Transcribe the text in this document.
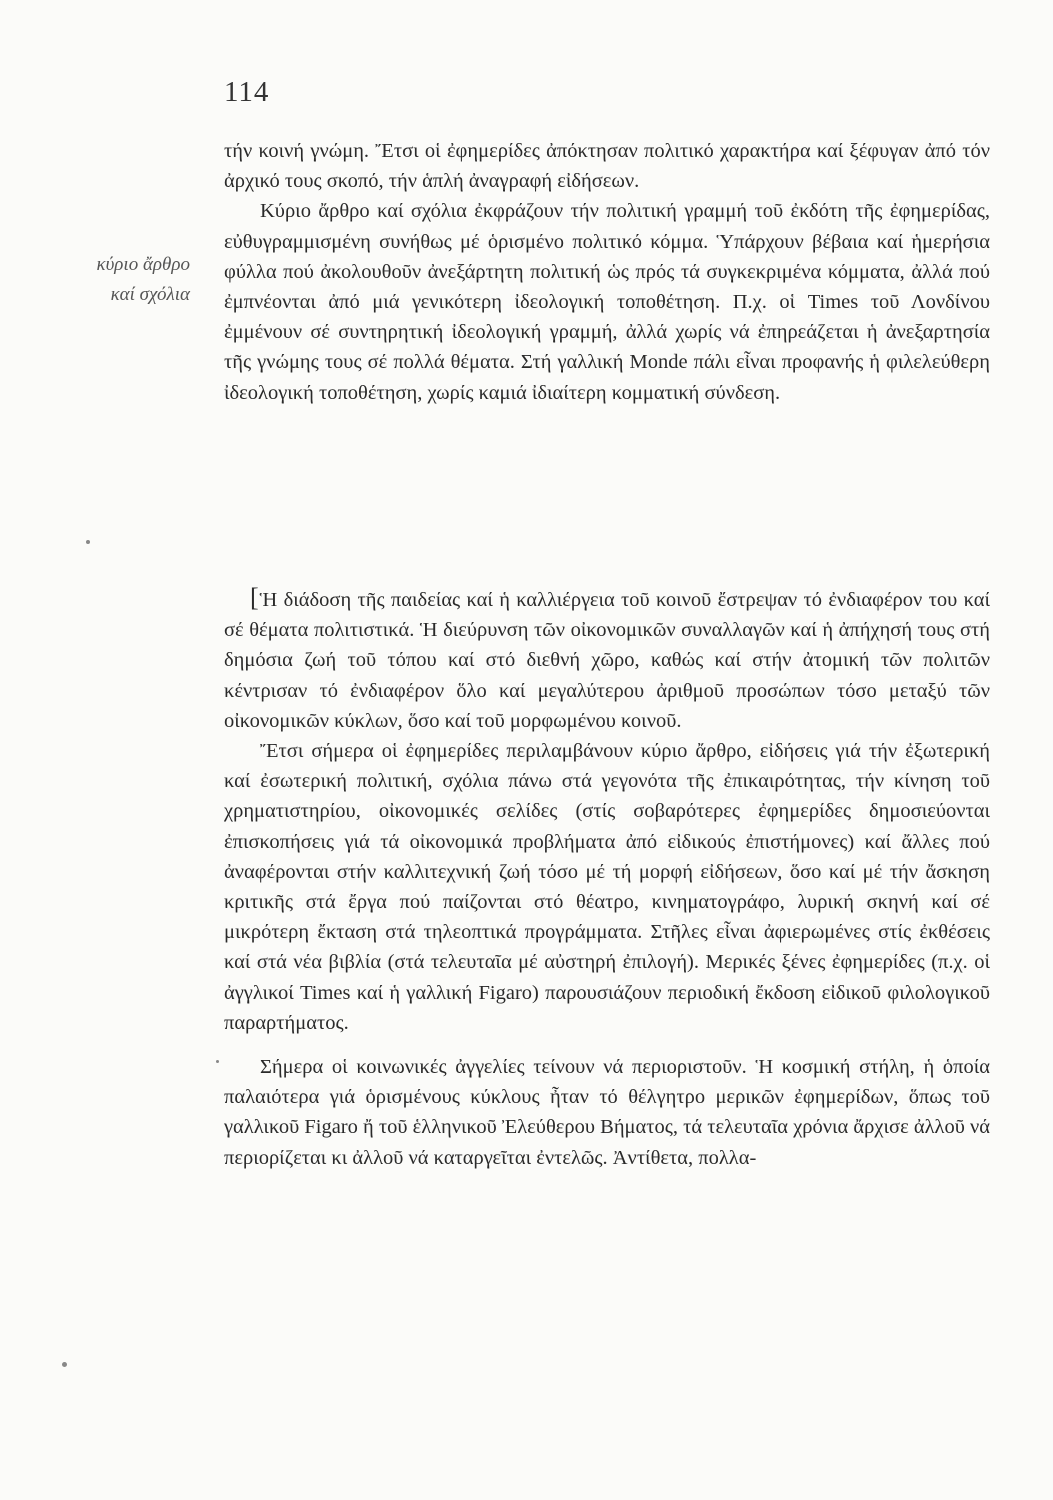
114
κύριο ἄρθρο
καί σχόλια

τήν κοινή γνώμη. Ἔτσι οἱ ἐφημερίδες ἀπόκτησαν πολιτικό χαρακτήρα καί ξέφυγαν ἀπό τόν ἀρχικό τους σκοπό, τήν ἁπλή ἀναγραφή εἰδήσεων.

Κύριο ἄρθρο καί σχόλια ἐκφράζουν τήν πολιτική γραμμή τοῦ ἐκδότη τῆς ἐφημερίδας, εὐθυγραμμισμένη συνήθως μέ ὁρισμένο πολιτικό κόμμα. Ὑπάρχουν βέβαια καί ἡμερήσια φύλλα πού ἀκολουθοῦν ἀνεξάρτητη πολιτική ὡς πρός τά συγκεκριμένα κόμματα, ἀλλά πού ἐμπνέονται ἀπό μιά γενικότερη ἰδεολογική τοποθέτηση. Π.χ. οἱ Times τοῦ Λονδίνου ἐμμένουν σέ συντηρητική ἰδεολογική γραμμή, ἀλλά χωρίς νά ἐπηρεάζεται ἡ ἀνεξαρτησία τῆς γνώμης τους σέ πολλά θέματα. Στή γαλλική Monde πάλι εἶναι προφανής ἡ φιλελεύθερη ἰδεολογική τοποθέτηση, χωρίς καμιά ἰδιαίτερη κομματική σύνδεση.

[Ἡ διάδοση τῆς παιδείας καί ἡ καλλιέργεια τοῦ κοινοῦ ἔστρεψαν τό ἐνδιαφέρον του καί σέ θέματα πολιτιστικά. Ἡ διεύρυνση τῶν οἰκονομικῶν συναλλαγῶν καί ἡ ἀπήχησή τους στή δημόσια ζωή τοῦ τόπου καί στό διεθνή χῶρο, καθώς καί στήν ἀτομική τῶν πολιτῶν κέντρισαν τό ἐνδιαφέρον ὅλο καί μεγαλύτερου ἀριθμοῦ προσώπων τόσο μεταξύ τῶν οἰκονομικῶν κύκλων, ὅσο καί τοῦ μορφωμένου κοινοῦ.

Ἔτσι σήμερα οἱ ἐφημερίδες περιλαμβάνουν κύριο ἄρθρο, εἰδήσεις γιά τήν ἐξωτερική καί ἐσωτερική πολιτική, σχόλια πάνω στά γεγονότα τῆς ἐπικαιρότητας, τήν κίνηση τοῦ χρηματιστηρίου, οἰκονομικές σελίδες (στίς σοβαρότερες ἐφημερίδες δημοσιεύονται ἐπισκοπήσεις γιά τά οἰκονομικά προβλήματα ἀπό εἰδικούς ἐπιστήμονες) καί ἄλλες πού ἀναφέρονται στήν καλλιτεχνική ζωή τόσο μέ τή μορφή εἰδήσεων, ὅσο καί μέ τήν ἄσκηση κριτικῆς στά ἔργα πού παίζονται στό θέατρο, κινηματογράφο, λυρική σκηνή καί σέ μικρότερη ἔκταση στά τηλεοπτικά προγράμματα. Στῆλες εἶναι ἀφιερωμένες στίς ἐκθέσεις καί στά νέα βιβλία (στά τελευταῖα μέ αὐστηρή ἐπιλογή). Μερικές ξένες ἐφημερίδες (π.χ. οἱ ἀγγλικοί Times καί ἡ γαλλική Figaro) παρουσιάζουν περιοδική ἔκδοση εἰδικοῦ φιλολογικοῦ παραρτήματος.

Σήμερα οἱ κοινωνικές ἀγγελίες τείνουν νά περιοριστοῦν. Ἡ κοσμική στήλη, ἡ ὁποία παλαιότερα γιά ὁρισμένους κύκλους ἦταν τό θέλγητρο μερικῶν ἐφημερίδων, ὅπως τοῦ γαλλικοῦ Figaro ἤ τοῦ ἑλληνικοῦ Ἐλεύθερου Βήματος, τά τελευταῖα χρόνια ἄρχισε ἀλλοῦ νά περιορίζεται κι ἀλλοῦ νά καταργεῖται ἐντελῶς. Ἀντίθετα, πολλα-
